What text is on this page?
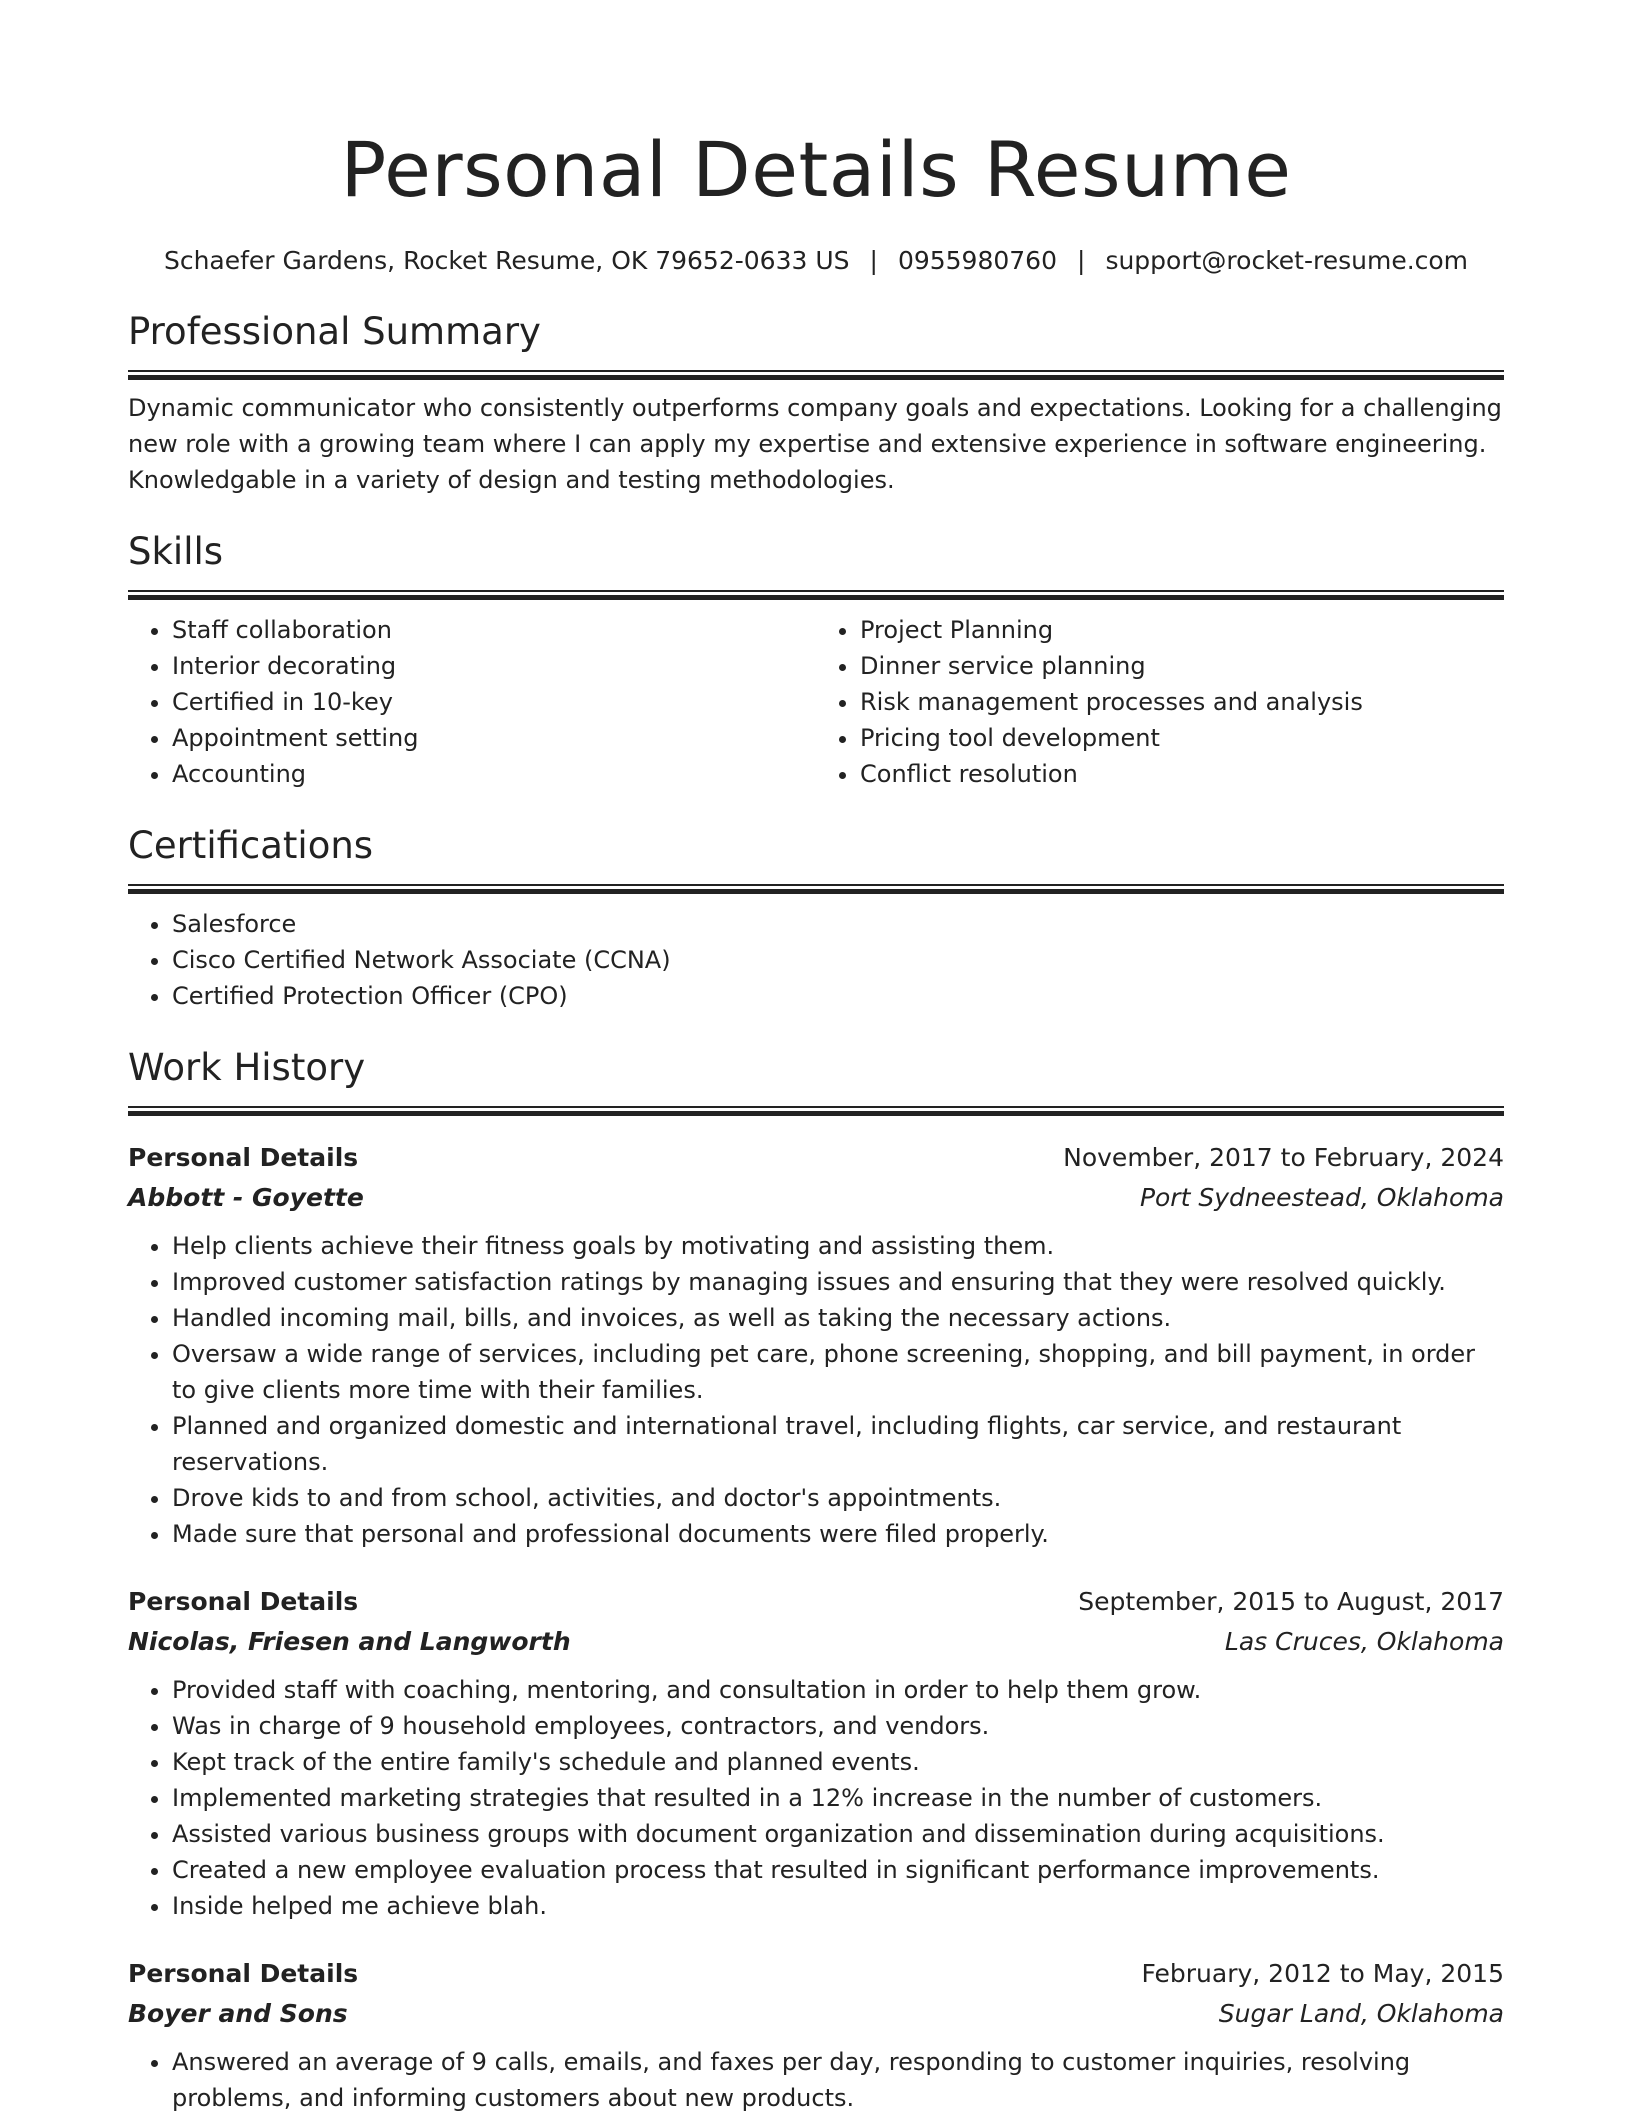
Personal Details Resume
Schaefer Gardens, Rocket Resume, OK 79652-0633 US | 0955980760 | support@rocket-resume.com
Professional Summary

Dynamic communicator who consistently outperforms company goals and expectations. Looking for a challenging new role with a growing team where I can apply my expertise and extensive experience in software engineering. Knowledgable in a variety of design and testing methodologies.

Skills
• Staff collaboration
• Interior decorating
• Certified in 10-key
• Appointment setting
• Accounting
• Project Planning
• Dinner service planning
• Risk management processes and analysis
• Pricing tool development
• Conflict resolution
Certifications
• Salesforce
• Cisco Certified Network Associate (CCNA)
• Certified Protection Officer (CPO)
Work History
Personal Details	November, 2017 to February, 2024
Abbott - Goyette	Port Sydneestead, Oklahoma
• Help clients achieve their fitness goals by motivating and assisting them.
• Improved customer satisfaction ratings by managing issues and ensuring that they were resolved quickly.
• Handled incoming mail, bills, and invoices, as well as taking the necessary actions.
• Oversaw a wide range of services, including pet care, phone screening, shopping, and bill payment, in order to give clients more time with their families.
• Planned and organized domestic and international travel, including flights, car service, and restaurant reservations.
• Drove kids to and from school, activities, and doctor's appointments.
• Made sure that personal and professional documents were filed properly.
Personal Details	September, 2015 to August, 2017
Nicolas, Friesen and Langworth	Las Cruces, Oklahoma
• Provided staff with coaching, mentoring, and consultation in order to help them grow.
• Was in charge of 9 household employees, contractors, and vendors.
• Kept track of the entire family's schedule and planned events.
• Implemented marketing strategies that resulted in a 12% increase in the number of customers.
• Assisted various business groups with document organization and dissemination during acquisitions.
• Created a new employee evaluation process that resulted in significant performance improvements.
• Inside helped me achieve blah.
Personal Details	February, 2012 to May, 2015
Boyer and Sons	Sugar Land, Oklahoma
• Answered an average of 9 calls, emails, and faxes per day, responding to customer inquiries, resolving problems, and informing customers about new products.
